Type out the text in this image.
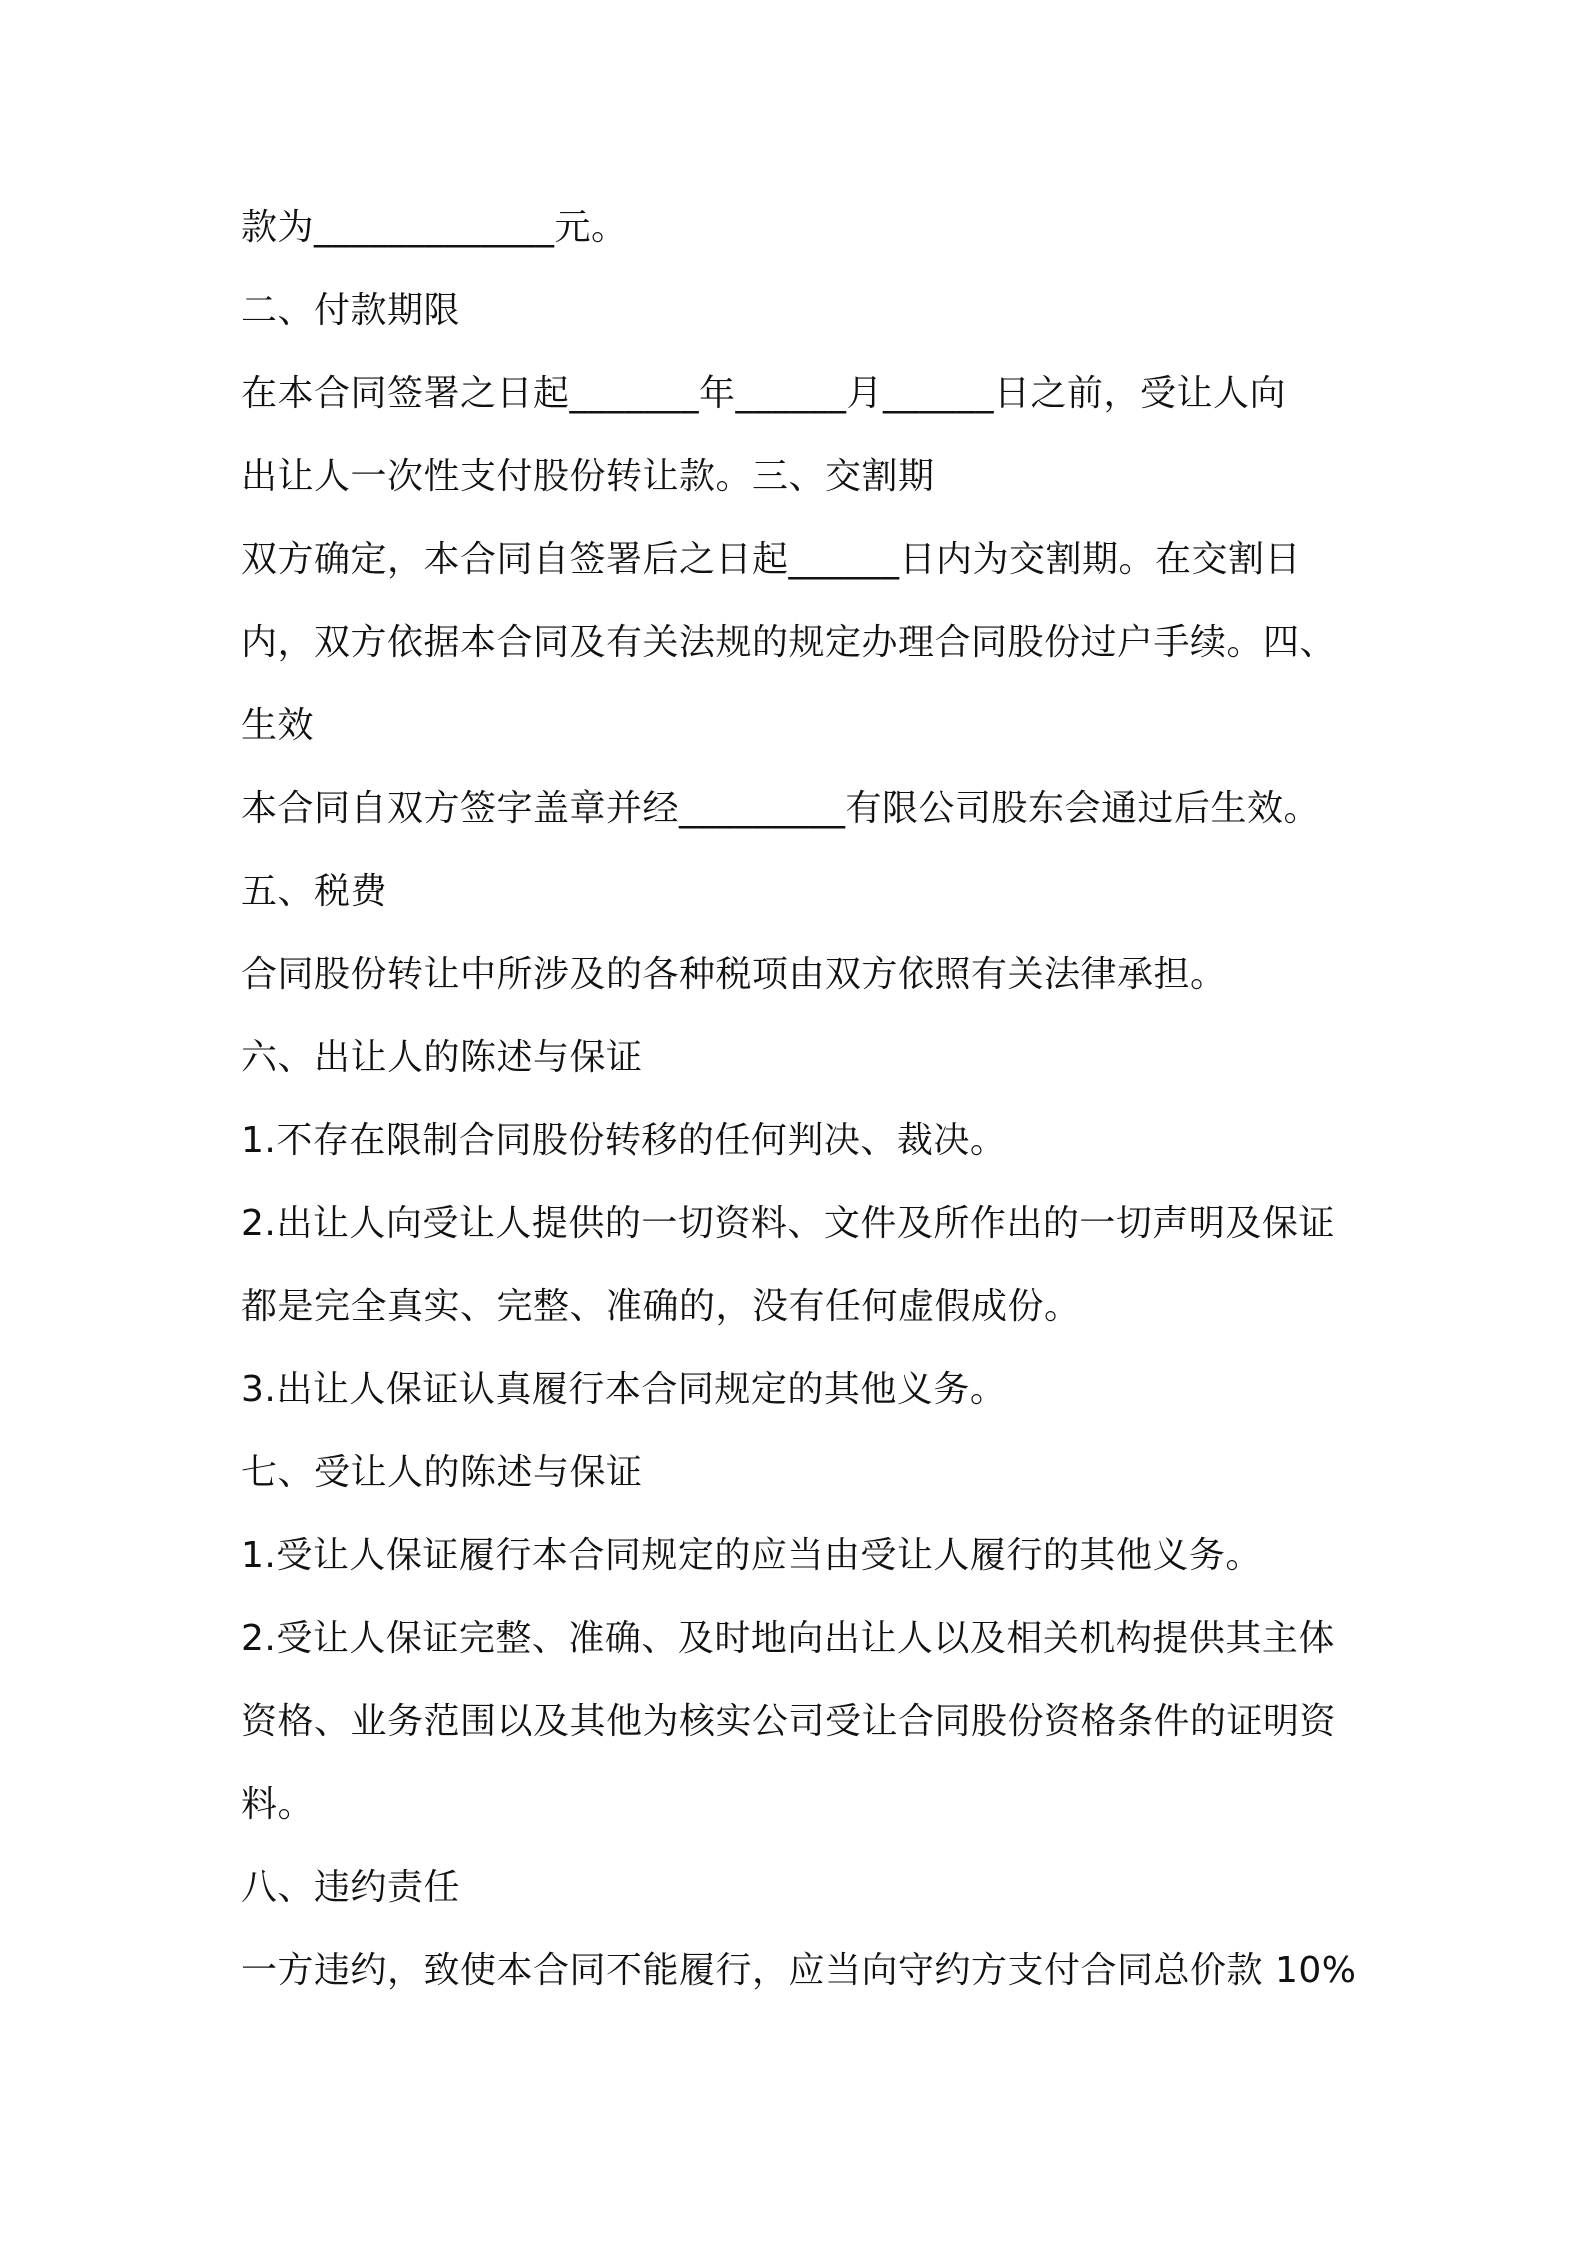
款为_____________元。
二、付款期限
在本合同签署之日起_______年______月______日之前，受让人向
出让人一次性支付股份转让款。三、交割期
双方确定，本合同自签署后之日起______日内为交割期。在交割日
内，双方依据本合同及有关法规的规定办理合同股份过户手续。四、
生效
本合同自双方签字盖章并经_________有限公司股东会通过后生效。
五、税费
合同股份转让中所涉及的各种税项由双方依照有关法律承担。
六、出让人的陈述与保证
1.不存在限制合同股份转移的任何判决、裁决。
2.出让人向受让人提供的一切资料、文件及所作出的一切声明及保证
都是完全真实、完整、准确的，没有任何虚假成份。
3.出让人保证认真履行本合同规定的其他义务。
七、受让人的陈述与保证
1.受让人保证履行本合同规定的应当由受让人履行的其他义务。
2.受让人保证完整、准确、及时地向出让人以及相关机构提供其主体
资格、业务范围以及其他为核实公司受让合同股份资格条件的证明资
料。
八、违约责任
一方违约，致使本合同不能履行，应当向守约方支付合同总价款 10%
